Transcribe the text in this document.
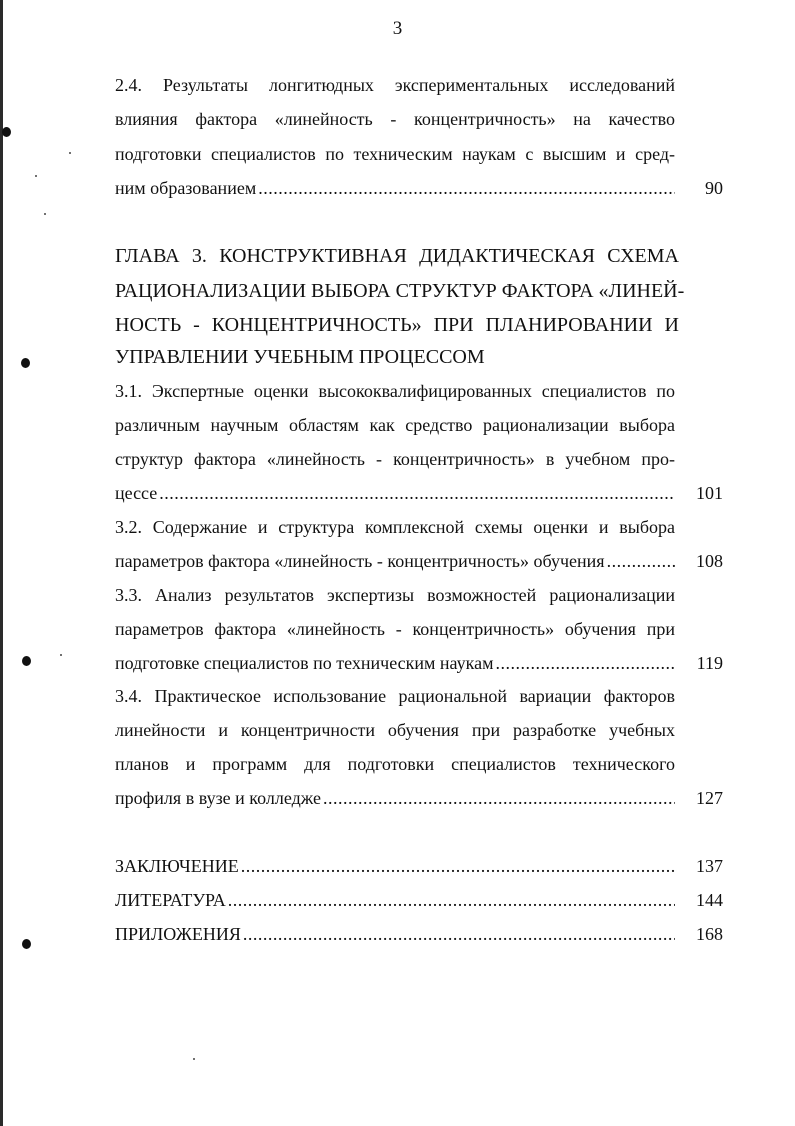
3
2.4. Результаты лонгитюдных экспериментальных исследований
влияния фактора «линейность - концентричность» на качество
подготовки специалистов по техническим наукам с высшим и сред-
ним образованием . . .	90
ГЛАВА 3. КОНСТРУКТИВНАЯ ДИДАКТИЧЕСКАЯ СХЕМА
РАЦИОНАЛИЗАЦИИ ВЫБОРА СТРУКТУР ФАКТОРА «ЛИНЕЙ-
НОСТЬ - КОНЦЕНТРИЧНОСТЬ» ПРИ ПЛАНИРОВАНИИ И
УПРАВЛЕНИИ УЧЕБНЫМ ПРОЦЕССОМ
3.1. Экспертные оценки высококвалифицированных специалистов по
различным научным областям как средство рационализации выбора
структур фактора «линейность - концентричность» в учебном про-
цессе . . .	101
3.2. Содержание и структура комплексной схемы оценки и выбора
параметров фактора «линейность - концентричность» обучения . . .	108
3.3. Анализ результатов экспертизы возможностей рационализации
параметров фактора «линейность - концентричность» обучения при
подготовке специалистов по техническим наукам . . .	119
3.4. Практическое использование рациональной вариации факторов
линейности и концентричности обучения при разработке учебных
планов и программ для подготовки специалистов технического
профиля в вузе и колледже . . .	127
ЗАКЛЮЧЕНИЕ . . .	137
ЛИТЕРАТУРА . . .	144
ПРИЛОЖЕНИЯ . . .	168
